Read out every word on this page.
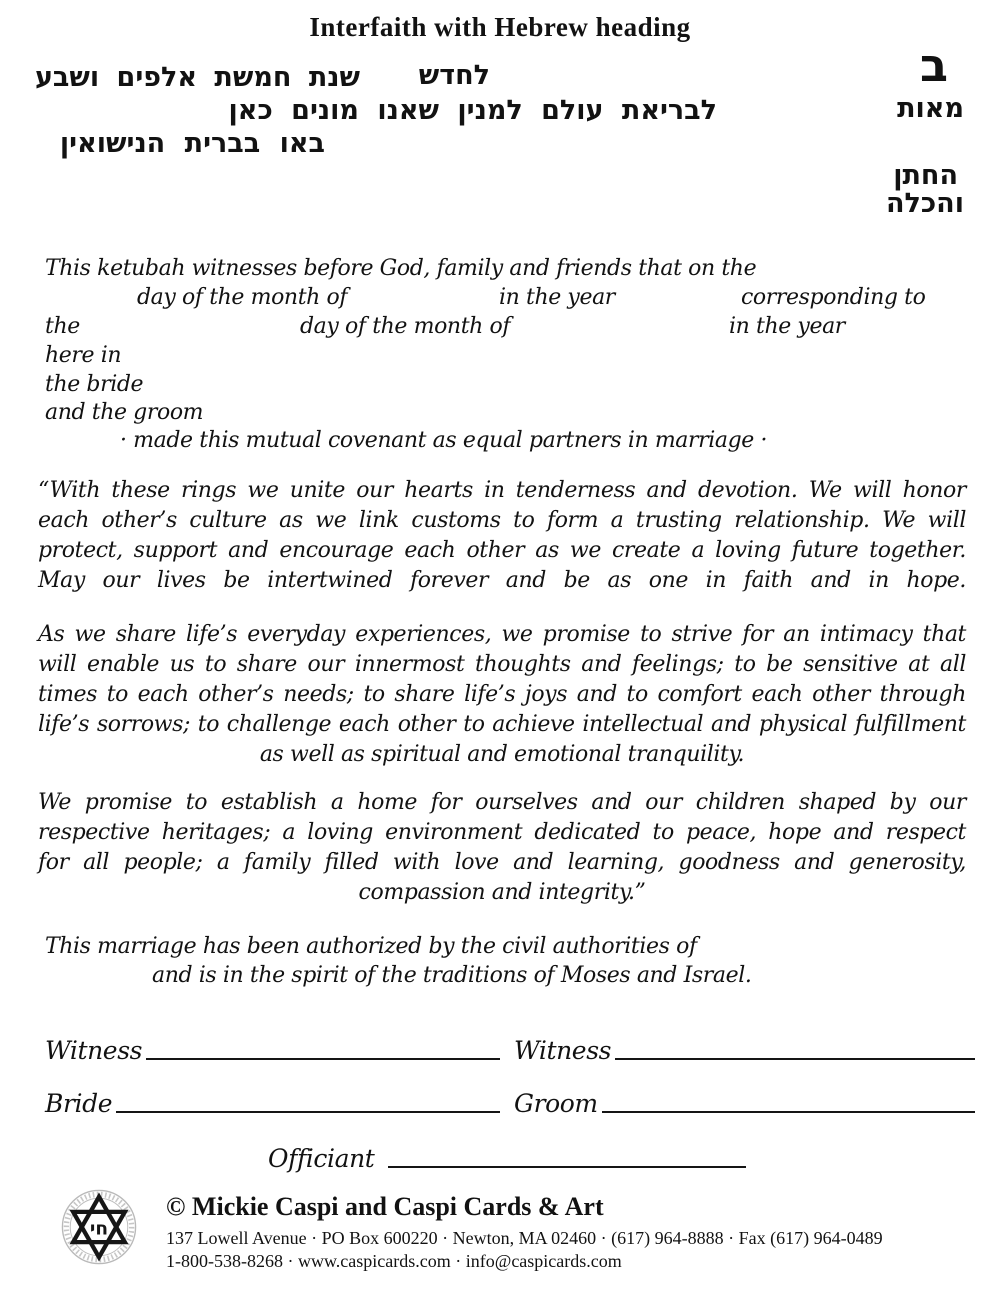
Interfaith with Hebrew heading
ב
לחדש
שנת חמשת אלפים ושבע
מאות
לבריאת עולם למנין שאנו מונים כאן
באו בברית הנישואין
החתן
והכלה
This ketubah witnesses before God, family and friends that on the
day of the month of	in the year	corresponding to
the	day of the month of	in the year
here in
the bride
and the groom
· made this mutual covenant as equal partners in marriage ·
“With these rings we unite our hearts in tenderness and devotion. We will honor
each other’s culture as we link customs to form a trusting relationship. We will
protect, support and encourage each other as we create a loving future together.
May our lives be intertwined forever and be as one in faith and in hope.
As we share life’s everyday experiences, we promise to strive for an intimacy that
will enable us to share our innermost thoughts and feelings; to be sensitive at all
times to each other’s needs; to share life’s joys and to comfort each other through
life’s sorrows; to challenge each other to achieve intellectual and physical fulfillment
as well as spiritual and emotional tranquility.
We promise to establish a home for ourselves and our children shaped by our
respective heritages; a loving environment dedicated to peace, hope and respect
for all people; a family filled with love and learning, goodness and generosity,
compassion and integrity.”
This marriage has been authorized by the civil authorities of
and is in the spirit of the traditions of Moses and Israel.
Witness	Witness
Bride	Groom
Officiant
חי
© Mickie Caspi and Caspi Cards & Art
137 Lowell Avenue · PO Box 600220 · Newton, MA 02460 · (617) 964-8888 · Fax (617) 964-0489
1-800-538-8268 · www.caspicards.com · info@caspicards.com
